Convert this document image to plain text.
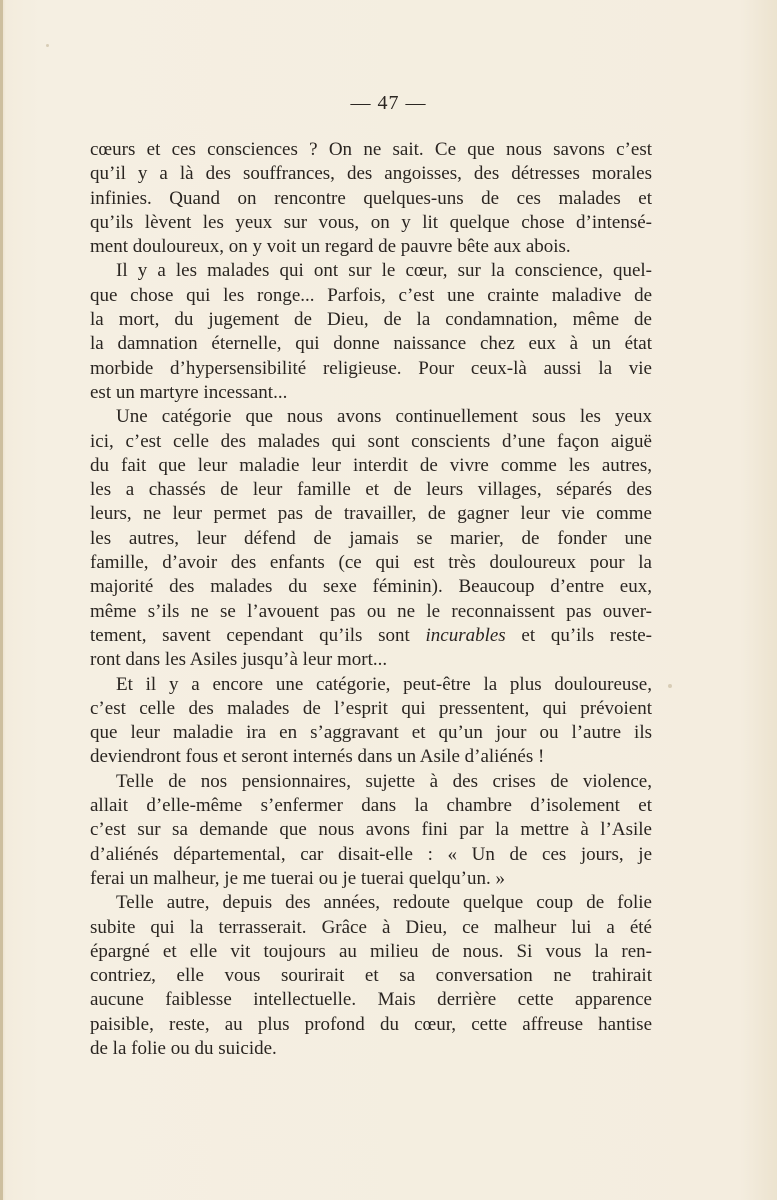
— 47 —
cœurs et ces consciences ? On ne sait. Ce que nous savons c’est
qu’il y a là des souffrances, des angoisses, des détresses morales
infinies. Quand on rencontre quelques-uns de ces malades et
qu’ils lèvent les yeux sur vous, on y lit quelque chose d’intensé-
ment douloureux, on y voit un regard de pauvre bête aux abois.
Il y a les malades qui ont sur le cœur, sur la conscience, quel-
que chose qui les ronge... Parfois, c’est une crainte maladive de
la mort, du jugement de Dieu, de la condamnation, même de
la damnation éternelle, qui donne naissance chez eux à un état
morbide d’hypersensibilité religieuse. Pour ceux-là aussi la vie
est un martyre incessant...
Une catégorie que nous avons continuellement sous les yeux
ici, c’est celle des malades qui sont conscients d’une façon aiguë
du fait que leur maladie leur interdit de vivre comme les autres,
les a chassés de leur famille et de leurs villages, séparés des
leurs, ne leur permet pas de travailler, de gagner leur vie comme
les autres, leur défend de jamais se marier, de fonder une
famille, d’avoir des enfants (ce qui est très douloureux pour la
majorité des malades du sexe féminin). Beaucoup d’entre eux,
même s’ils ne se l’avouent pas ou ne le reconnaissent pas ouver-
tement, savent cependant qu’ils sont incurables et qu’ils reste-
ront dans les Asiles jusqu’à leur mort...
Et il y a encore une catégorie, peut-être la plus douloureuse,
c’est celle des malades de l’esprit qui pressentent, qui prévoient
que leur maladie ira en s’aggravant et qu’un jour ou l’autre ils
deviendront fous et seront internés dans un Asile d’aliénés !
Telle de nos pensionnaires, sujette à des crises de violence,
allait d’elle-même s’enfermer dans la chambre d’isolement et
c’est sur sa demande que nous avons fini par la mettre à l’Asile
d’aliénés départemental, car disait-elle : « Un de ces jours, je
ferai un malheur, je me tuerai ou je tuerai quelqu’un. »
Telle autre, depuis des années, redoute quelque coup de folie
subite qui la terrasserait. Grâce à Dieu, ce malheur lui a été
épargné et elle vit toujours au milieu de nous. Si vous la ren-
contriez, elle vous sourirait et sa conversation ne trahirait
aucune faiblesse intellectuelle. Mais derrière cette apparence
paisible, reste, au plus profond du cœur, cette affreuse hantise
de la folie ou du suicide.
